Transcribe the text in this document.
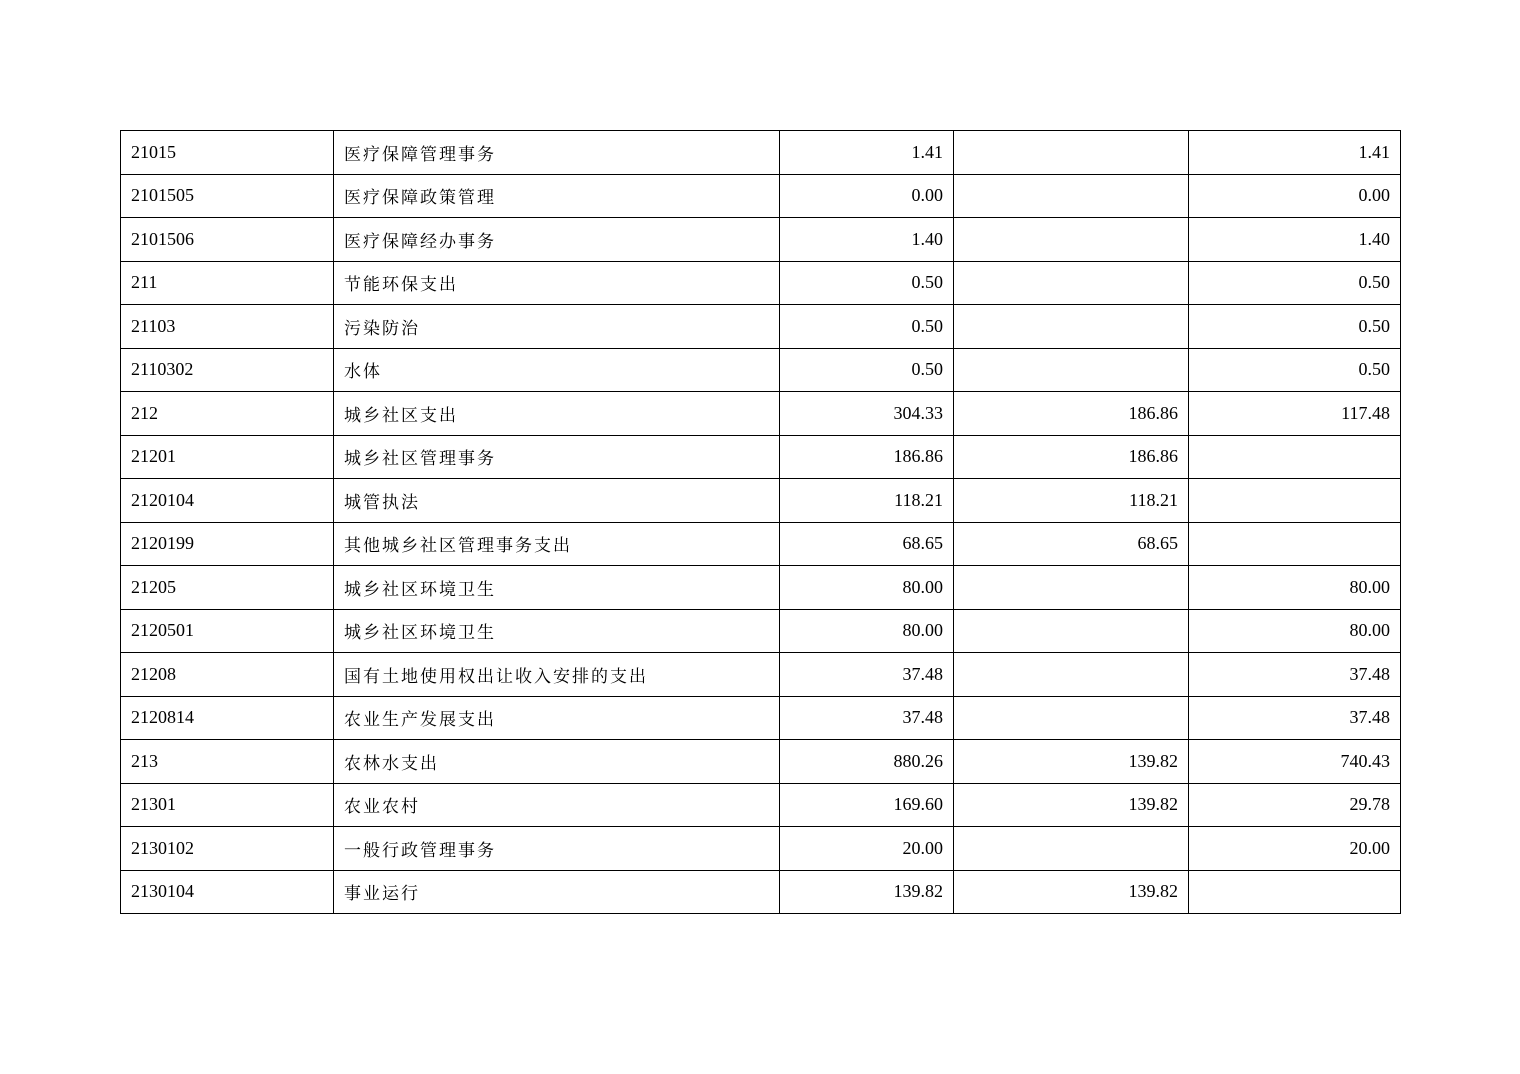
21015	医疗保障管理事务	1.41		1.41
2101505	医疗保障政策管理	0.00		0.00
2101506	医疗保障经办事务	1.40		1.40
211	节能环保支出	0.50		0.50
21103	污染防治	0.50		0.50
2110302	水体	0.50		0.50
212	城乡社区支出	304.33	186.86	117.48
21201	城乡社区管理事务	186.86	186.86	
2120104	城管执法	118.21	118.21	
2120199	其他城乡社区管理事务支出	68.65	68.65	
21205	城乡社区环境卫生	80.00		80.00
2120501	城乡社区环境卫生	80.00		80.00
21208	国有土地使用权出让收入安排的支出	37.48		37.48
2120814	农业生产发展支出	37.48		37.48
213	农林水支出	880.26	139.82	740.43
21301	农业农村	169.60	139.82	29.78
2130102	一般行政管理事务	20.00		20.00
2130104	事业运行	139.82	139.82	
